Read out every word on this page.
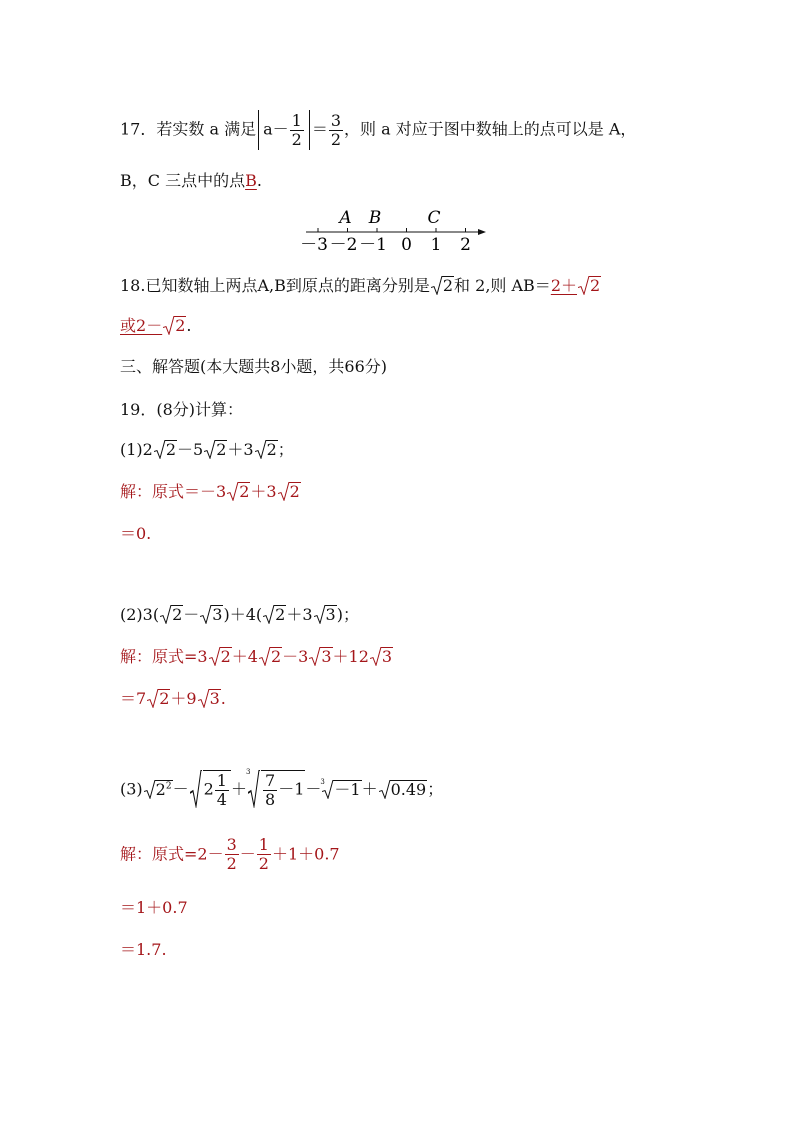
17．若实数 a 满足 $a- \frac{1}{2} = \frac{3}{2}$ ，则 a 对应于图中数轴上的点可以是 A，
B，C 三点中的点B.
－3 －2 －1 0 1 2
A B	C
18.已知数轴上两点A,B到原点的距离分别是 2和 2,则 AB＝2＋ 2
或2－ 2.
三、解答题(本大题共8小题，共66分)
19．(8分)计算：
(1)2 2－5 2＋3 2；
解：原式＝－3 2＋3 2
＝0.
(2)3( 2－ 3)＋4( 2＋3 3)；
解：原式=3 2＋4 2－3 3＋12 3
＝7 2＋9 3.
(3) $2^2- 2 \frac{1}{4}$ ＋
$3 \frac{7}{8} -1- 3 -1+ 0.49$；
解：原式$=2- \frac{3}{2} - \frac{1}{2} +1+0.7$
＝1＋0.7
＝1.7.
